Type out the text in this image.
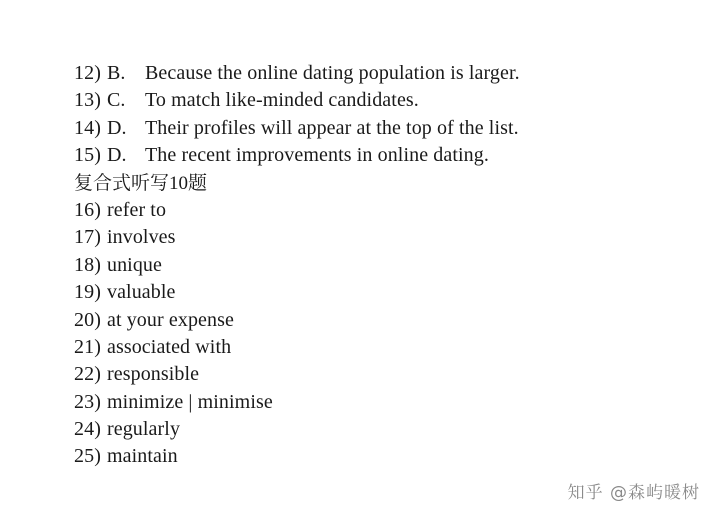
12) B. Because the online dating population is larger.
13) C. To match like-minded candidates.
14) D. Their profiles will appear at the top of the list.
15) D. The recent improvements in online dating.
复合式听写10题
16) refer to
17) involves
18) unique
19) valuable
20) at your expense
21) associated with
22) responsible
23) minimize | minimise
24) regularly
25) maintain
知乎 @森屿暖树
